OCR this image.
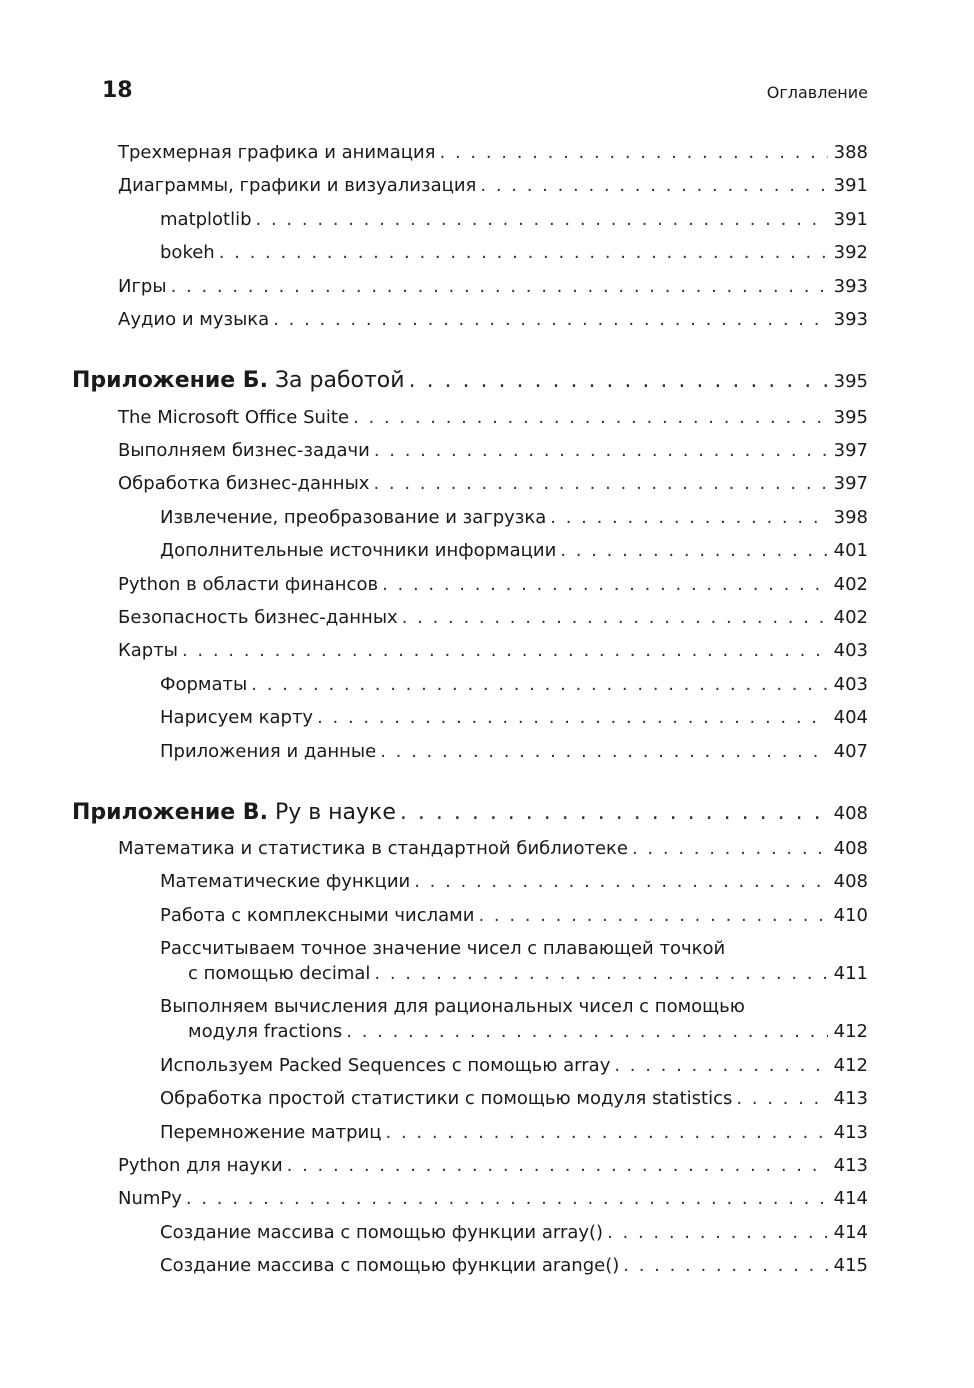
18	Оглавление
Трехмерная графика и анимация . . .	388
Диаграммы, графики и визуализация . . .	391
matplotlib . . .	391
bokeh . . .	392
Игры . . .	393
Аудио и музыка . . .	393
Приложение Б. За работой . . .	395
The Microsoft Office Suite . . .	395
Выполняем бизнес-задачи . . .	397
Обработка бизнес-данных . . .	397
Извлечение, преобразование и загрузка . . .	398
Дополнительные источники информации . . .	401
Python в области финансов . . .	402
Безопасность бизнес-данных . . .	402
Карты . . .	403
Форматы . . .	403
Нарисуем карту . . .	404
Приложения и данные . . .	407
Приложение В. Py в науке . . .	408
Математика и статистика в стандартной библиотеке . . .	408
Математические функции . . .	408
Работа с комплексными числами . . .	410
Рассчитываем точное значение чисел с плавающей точкой
с помощью decimal . . .	411
Выполняем вычисления для рациональных чисел с помощью
модуля fractions . . .	412
Используем Packed Sequences с помощью array . . .	412
Обработка простой статистики с помощью модуля statistics . . .	413
Перемножение матриц . . .	413
Python для науки . . .	413
NumPy . . .	414
Создание массива с помощью функции array() . . .	414
Создание массива с помощью функции arange() . . .	415
